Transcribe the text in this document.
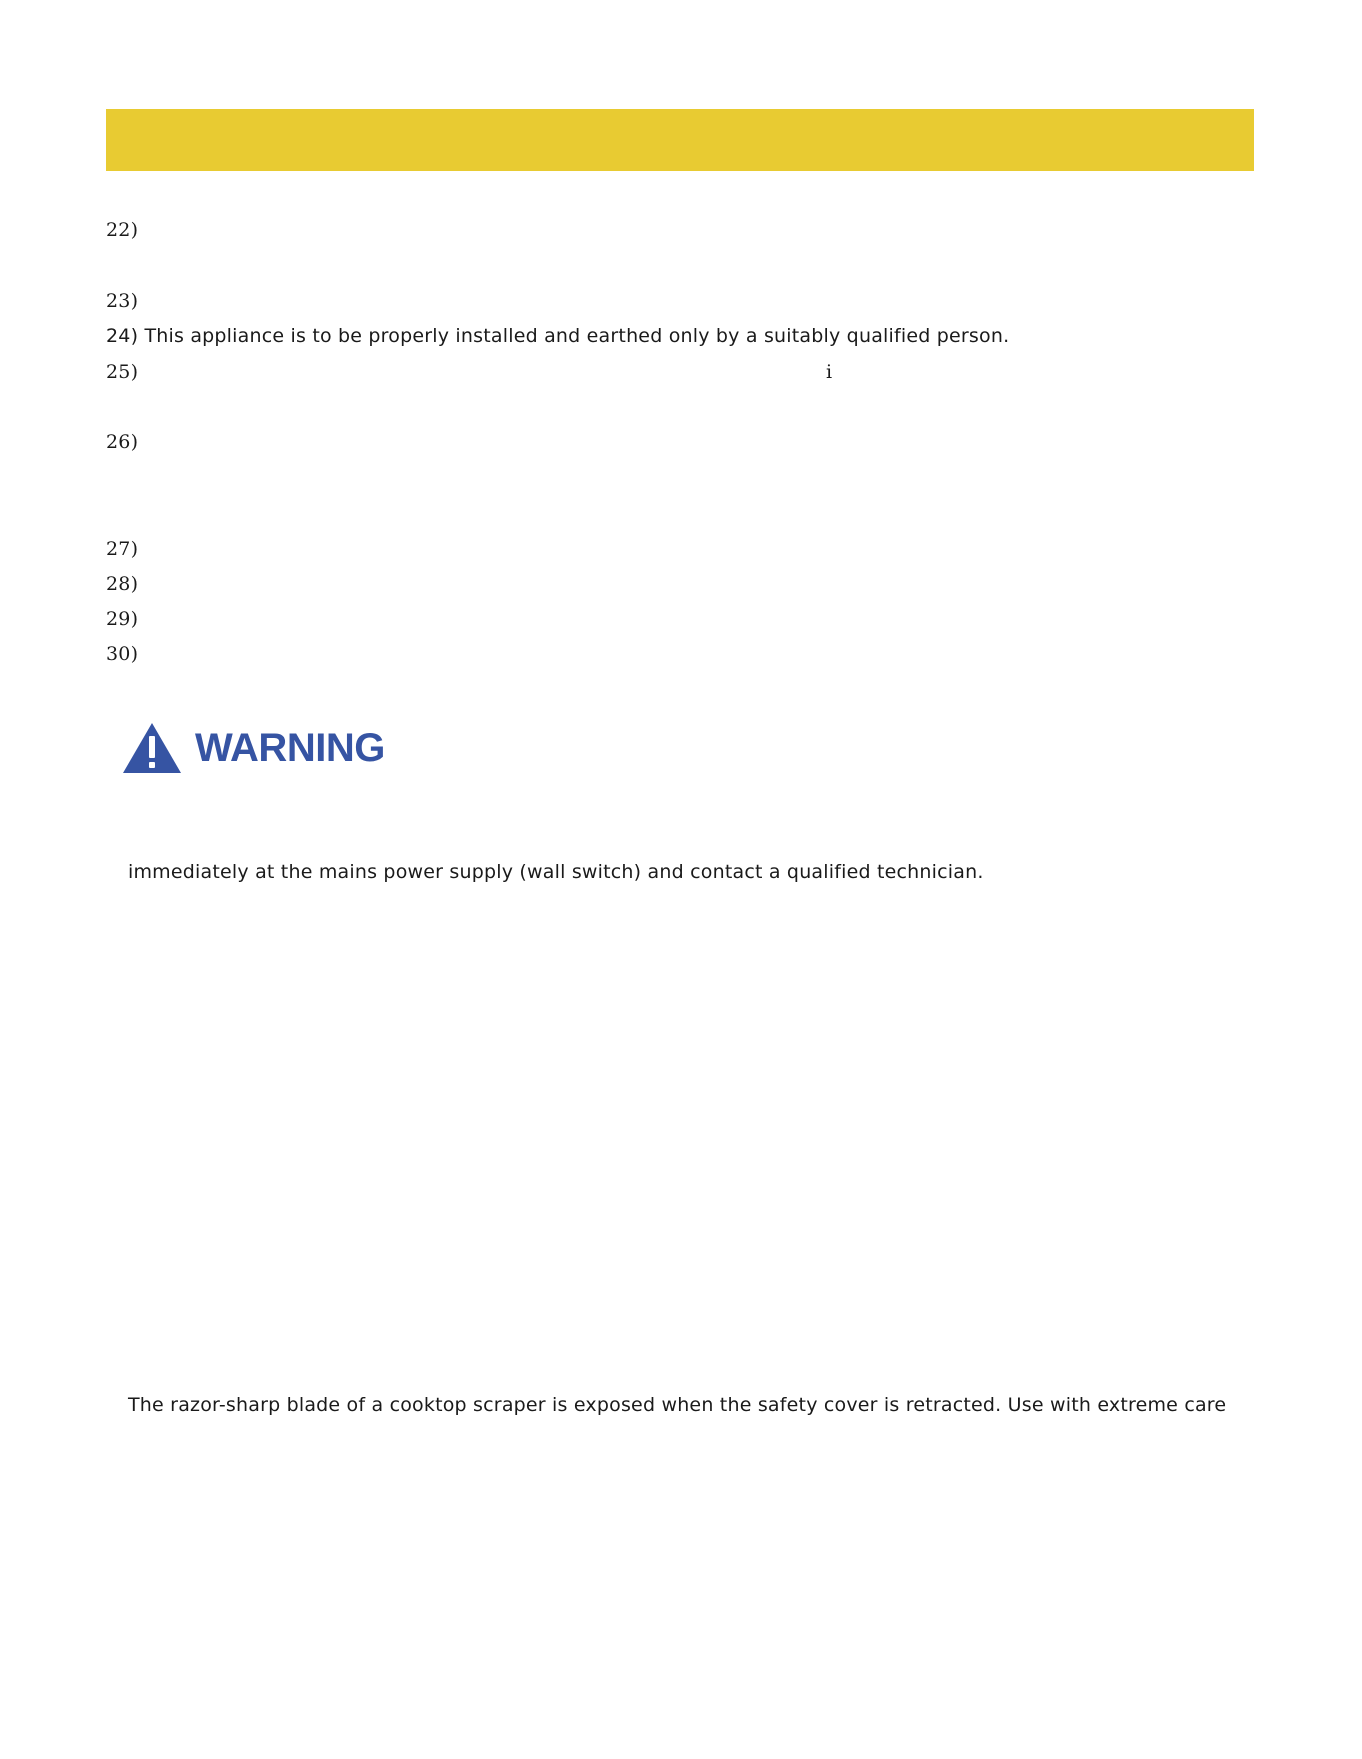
22)
23)
24) This appliance is to be properly installed and earthed only by a suitably qualified person.
25)	i
26)
27)
28)
29)
30)
WARNING
immediately at the mains power supply (wall switch) and contact a qualified technician.
The razor-sharp blade of a cooktop scraper is exposed when the safety cover is retracted. Use with extreme care
